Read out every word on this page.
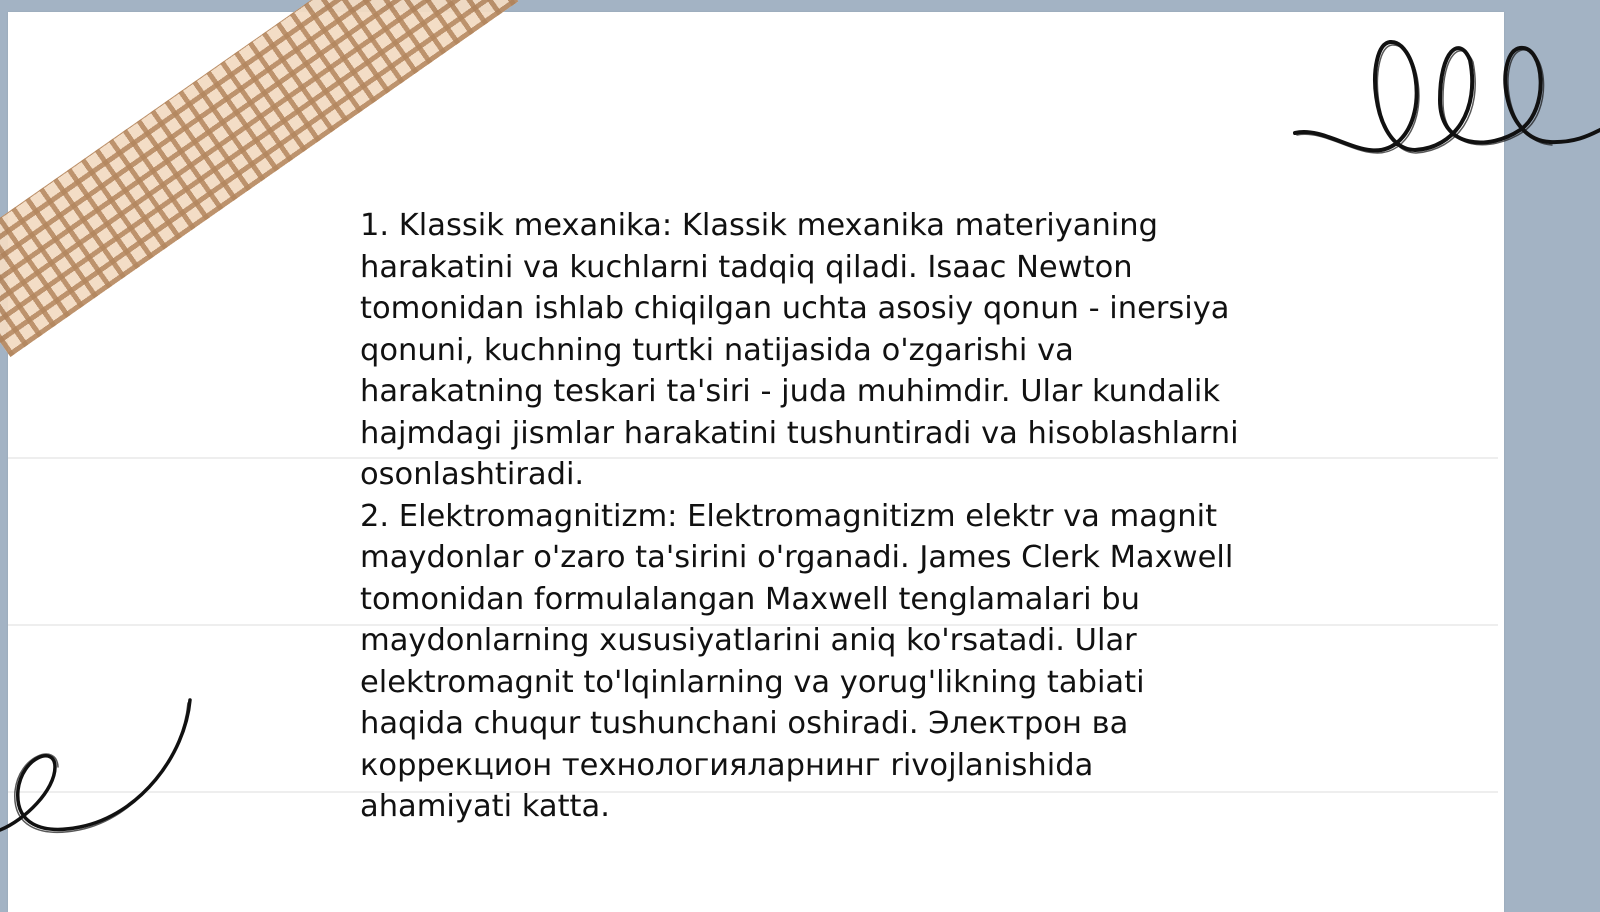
1. Klassik mexanika: Klassik mexanika materiyaning harakatini va kuchlarni tadqiq qiladi. Isaac Newton tomonidan ishlab chiqilgan uchta asosiy qonun - inersiya qonuni, kuchning turtki natijasida o'zgarishi va harakatning teskari ta'siri - juda muhimdir. Ular kundalik hajmdagi jismlar harakatini tushuntiradi va hisoblashlarni osonlashtiradi.

2. Elektromagnitizm: Elektromagnitizm elektr va magnit maydonlar o'zaro ta'sirini o'rganadi. James Clerk Maxwell tomonidan formulalangan Maxwell tenglamalari bu maydonlarning xususiyatlarini aniq ko'rsatadi. Ular elektromagnit to'lqinlarning va yorug'likning tabiati haqida chuqur tushunchani oshiradi. Электрон ва коррекцион технологияларнинг rivojlanishida ahamiyati katta.
